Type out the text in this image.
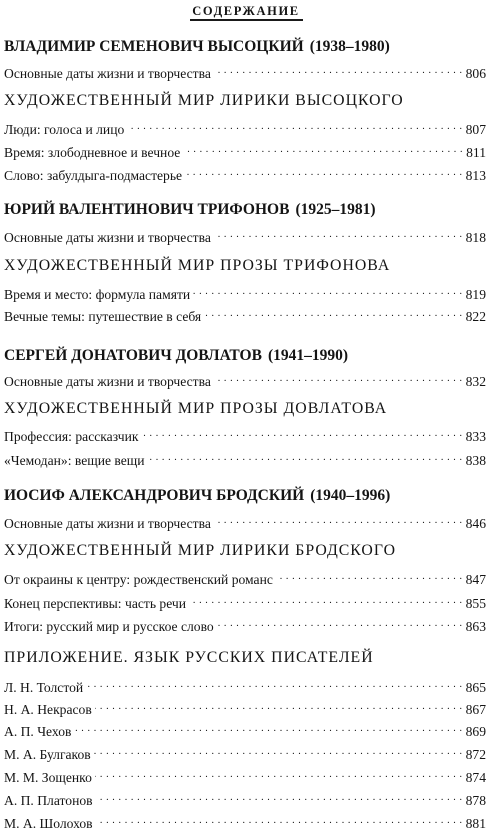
СОДЕРЖАНИЕ
ВЛАДИМИР СЕМЕНОВИЧ ВЫСОЦКИЙ (1938–1980)
Основные даты жизни и творчества . . .	806
ХУДОЖЕСТВЕННЫЙ МИР ЛИРИКИ ВЫСОЦКОГО
Люди: голоса и лицо . . .	807
Время: злободневное и вечное . . .	811
Слово: забулдыга-подмастерье . . .	813
ЮРИЙ ВАЛЕНТИНОВИЧ ТРИФОНОВ (1925–1981)
Основные даты жизни и творчества . . .	818
ХУДОЖЕСТВЕННЫЙ МИР ПРОЗЫ ТРИФОНОВА
Время и место: формула памяти . . .	819
Вечные темы: путешествие в себя . . .	822
СЕРГЕЙ ДОНАТОВИЧ ДОВЛАТОВ (1941–1990)
Основные даты жизни и творчества . . .	832
ХУДОЖЕСТВЕННЫЙ МИР ПРОЗЫ ДОВЛАТОВА
Профессия: рассказчик . . .	833
«Чемодан»: вещие вещи . . .	838
ИОСИФ АЛЕКСАНДРОВИЧ БРОДСКИЙ (1940–1996)
Основные даты жизни и творчества . . .	846
ХУДОЖЕСТВЕННЫЙ МИР ЛИРИКИ БРОДСКОГО
От окраины к центру: рождественский романс . . .	847
Конец перспективы: часть речи . . .	855
Итоги: русский мир и русское слово . . .	863
ПРИЛОЖЕНИЕ. ЯЗЫК РУССКИХ ПИСАТЕЛЕЙ
Л. Н. Толстой . . .	865
Н. А. Некрасов . . .	867
А. П. Чехов . . .	869
М. А. Булгаков . . .	872
М. М. Зощенко . . .	874
А. П. Платонов . . .	878
М. А. Шолохов . . .	881
